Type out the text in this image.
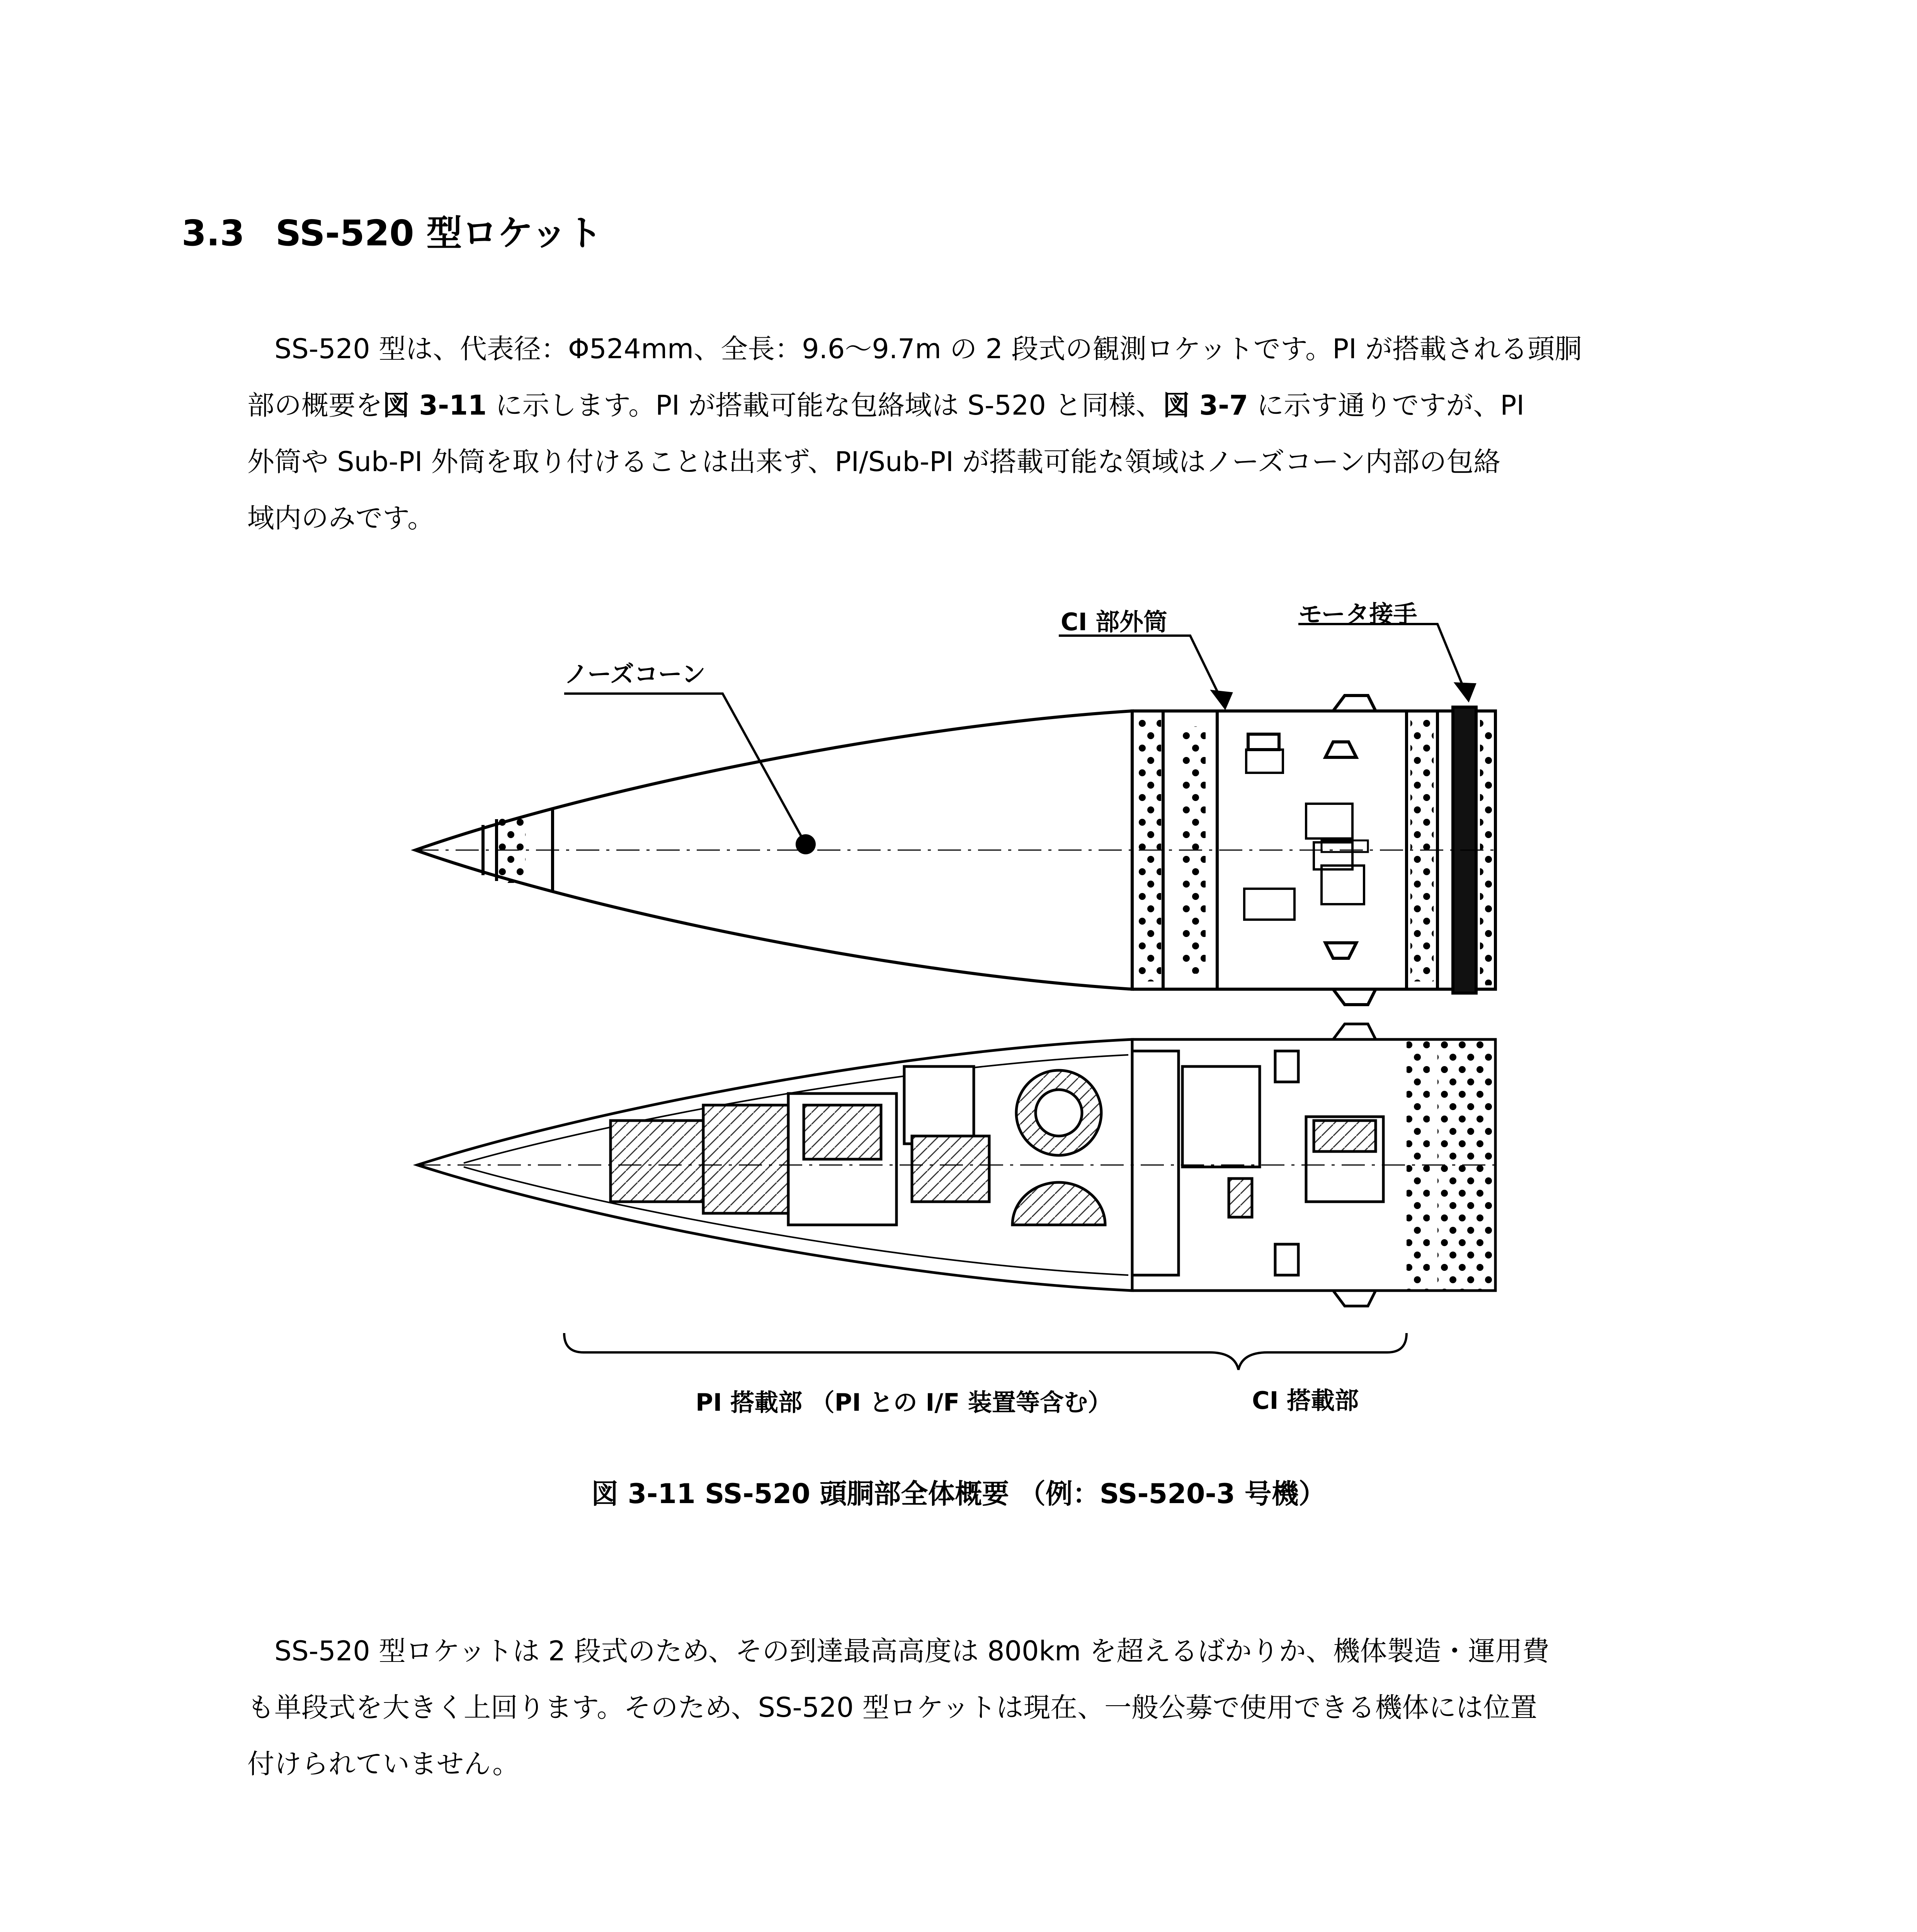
3.3 SS-520 型ロケット

SS-520 型は、代表径：Φ524mm、全長：9.6～9.7m の 2 段式の観測ロケットです。PI が搭載される頭胴

部の概要を図 3-11 に示します。PI が搭載可能な包絡域は S-520 と同様、図 3-7 に示す通りですが、PI

外筒や Sub-PI 外筒を取り付けることは出来ず、PI/Sub-PI が搭載可能な領域はノーズコーン内部の包絡

域内のみです。

ノーズコーン
CI 部外筒	モータ接手
PI 搭載部 （PI との I/F 装置等含む）	CI 搭載部
図 3-11 SS-520 頭胴部全体概要 （例：SS-520-3 号機）

SS-520 型ロケットは 2 段式のため、その到達最高高度は 800km を超えるばかりか、機体製造・運用費

も単段式を大きく上回ります。そのため、SS-520 型ロケットは現在、一般公募で使用できる機体には位置

付けられていません。
